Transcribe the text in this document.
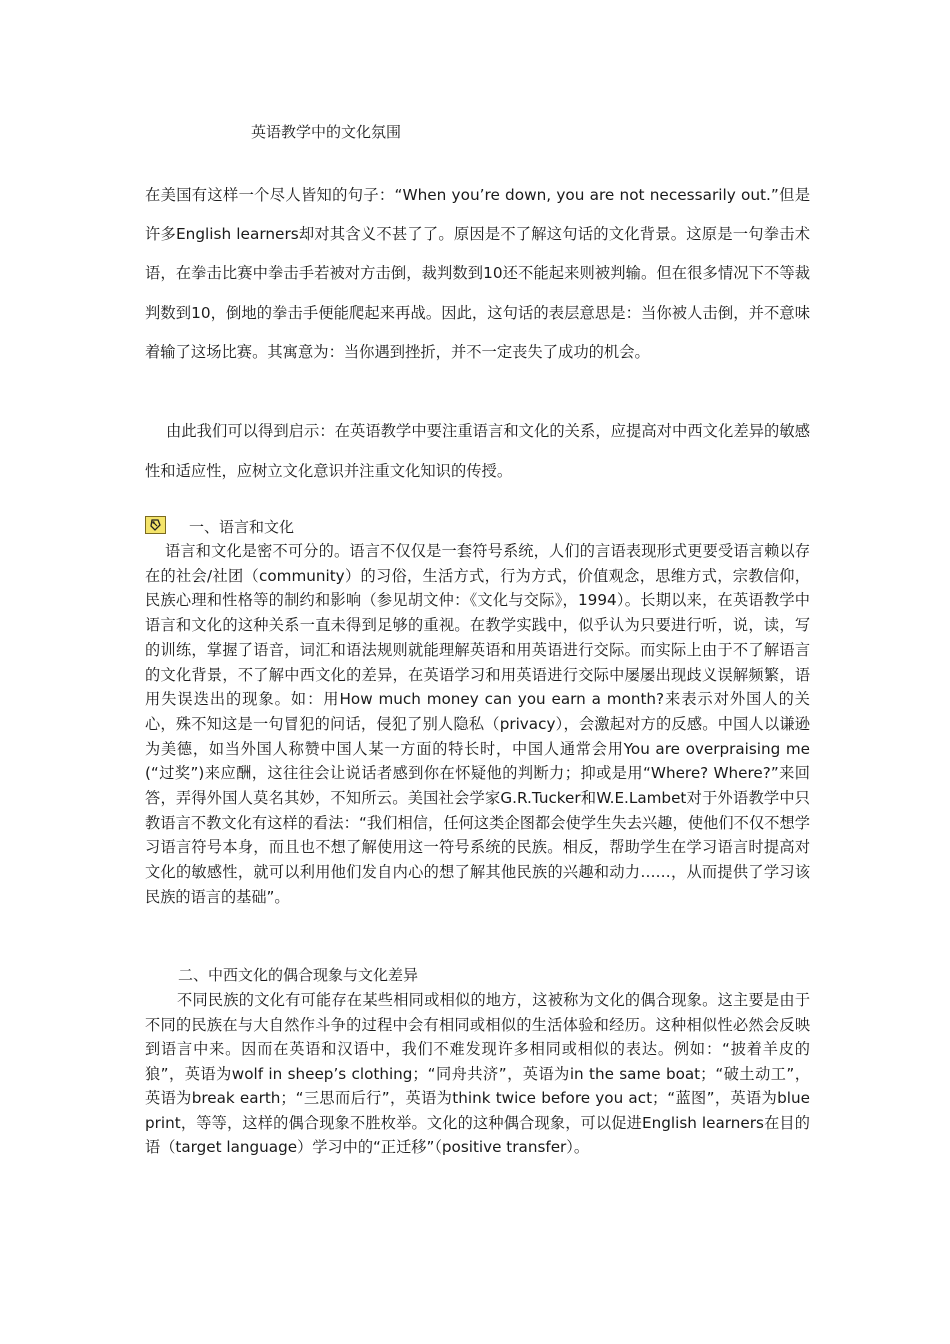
英语教学中的文化氛围

在美国有这样一个尽人皆知的句子：“When you’re down, you are not necessarily out.”但是许多English learners却对其含义不甚了了。原因是不了解这句话的文化背景。这原是一句拳击术语，在拳击比赛中拳击手若被对方击倒，裁判数到10还不能起来则被判输。但在很多情况下不等裁判数到10，倒地的拳击手便能爬起来再战。因此，这句话的表层意思是：当你被人击倒，并不意味着输了这场比赛。其寓意为：当你遇到挫折，并不一定丧失了成功的机会。

由此我们可以得到启示：在英语教学中要注重语言和文化的关系，应提高对中西文化差异的敏感性和适应性，应树立文化意识并注重文化知识的传授。

一、语言和文化

语言和文化是密不可分的。语言不仅仅是一套符号系统，人们的言语表现形式更要受语言赖以存在的社会/社团（community）的习俗，生活方式，行为方式，价值观念，思维方式，宗教信仰，民族心理和性格等的制约和影响（参见胡文仲：《文化与交际》，1994）。长期以来，在英语教学中语言和文化的这种关系一直未得到足够的重视。在教学实践中，似乎认为只要进行听，说，读，写的训练，掌握了语音，词汇和语法规则就能理解英语和用英语进行交际。而实际上由于不了解语言的文化背景，不了解中西文化的差异，在英语学习和用英语进行交际中屡屡出现歧义误解频繁，语用失误迭出的现象。如：用How much money can you earn a month?来表示对外国人的关心，殊不知这是一句冒犯的问话，侵犯了别人隐私（privacy），会激起对方的反感。中国人以谦逊为美德，如当外国人称赞中国人某一方面的特长时，中国人通常会用You are overpraising me (“过奖”)来应酬，这往往会让说话者感到你在怀疑他的判断力；抑或是用“Where? Where?”来回答，弄得外国人莫名其妙，不知所云。美国社会学家G.R.Tucker和W.E.Lambet对于外语教学中只教语言不教文化有这样的看法：“我们相信，任何这类企图都会使学生失去兴趣，使他们不仅不想学习语言符号本身，而且也不想了解使用这一符号系统的民族。相反，帮助学生在学习语言时提高对文化的敏感性，就可以利用他们发自内心的想了解其他民族的兴趣和动力……，从而提供了学习该民族的语言的基础”。

二、中西文化的偶合现象与文化差异

不同民族的文化有可能存在某些相同或相似的地方，这被称为文化的偶合现象。这主要是由于不同的民族在与大自然作斗争的过程中会有相同或相似的生活体验和经历。这种相似性必然会反映到语言中来。因而在英语和汉语中，我们不难发现许多相同或相似的表达。例如：“披着羊皮的狼”，英语为wolf in sheep’s clothing；“同舟共济”，英语为in the same boat；“破土动工”，英语为break earth；“三思而后行”，英语为think twice before you act；“蓝图”，英语为blue print，等等，这样的偶合现象不胜枚举。文化的这种偶合现象，可以促进English learners在目的语（target language）学习中的“正迁移”（positive transfer）。
